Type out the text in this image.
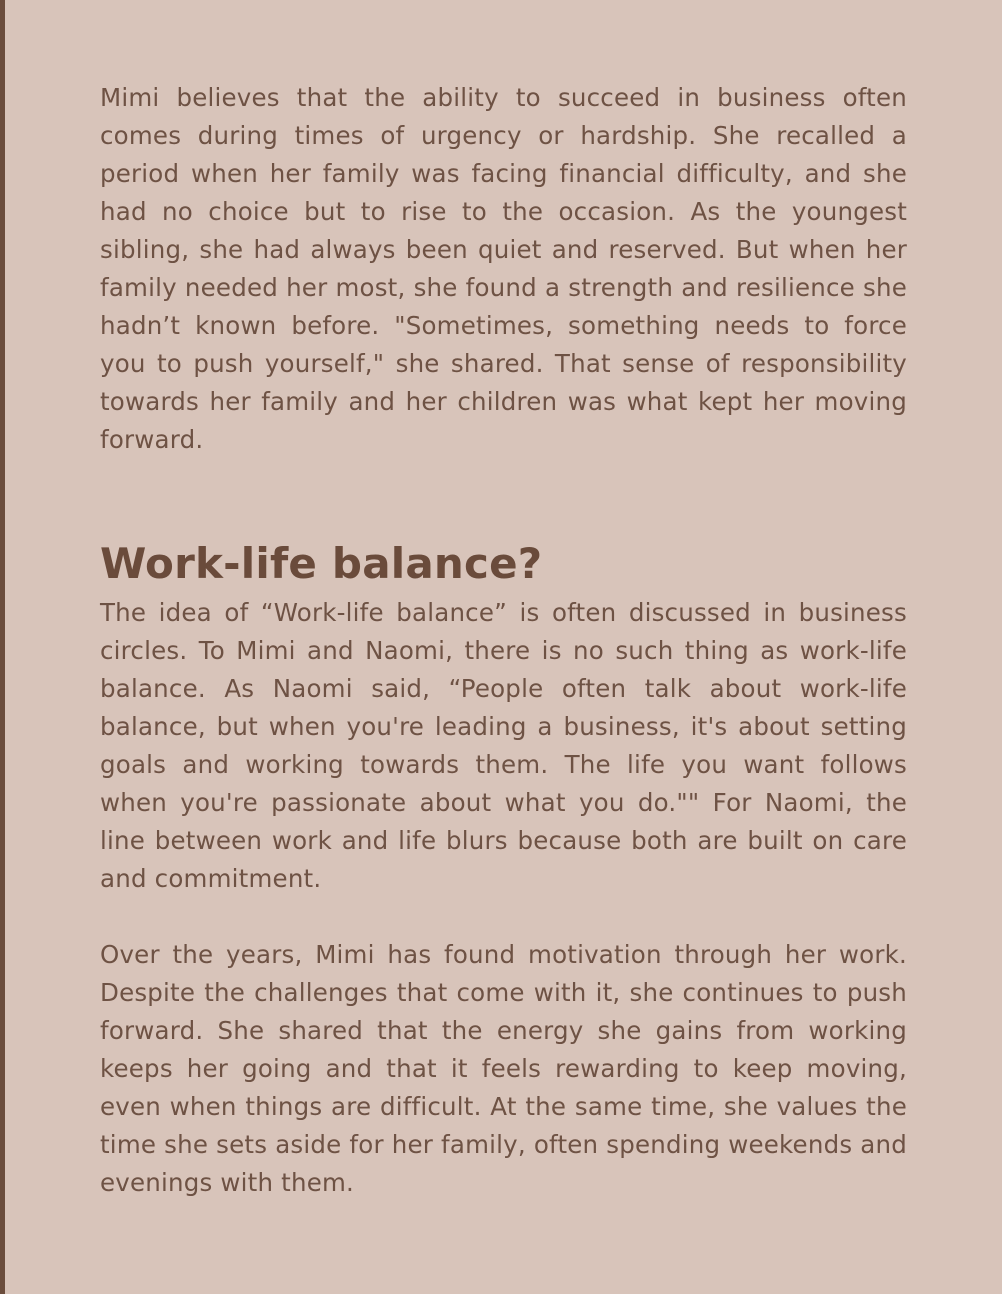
Mimi believes that the ability to succeed in business often comes during times of urgency or hardship. She recalled a period when her family was facing financial difficulty, and she had no choice but to rise to the occasion. As the youngest sibling, she had always been quiet and reserved. But when her family needed her most, she found a strength and resilience she hadn’t known before. "Sometimes, something needs to force you to push yourself," she shared. That sense of responsibility towards her family and her children was what kept her moving forward.

Work-life balance?

The idea of “Work-life balance” is often discussed in business circles. To Mimi and Naomi, there is no such thing as work-life balance. As Naomi said, “People often talk about work-life balance, but when you're leading a business, it's about setting goals and working towards them. The life you want follows when you're passionate about what you do."" For Naomi, the line between work and life blurs because both are built on care and commitment.

Over the years, Mimi has found motivation through her work. Despite the challenges that come with it, she continues to push forward. She shared that the energy she gains from working keeps her going and that it feels rewarding to keep moving, even when things are difficult. At the same time, she values the time she sets aside for her family, often spending weekends and evenings with them.
